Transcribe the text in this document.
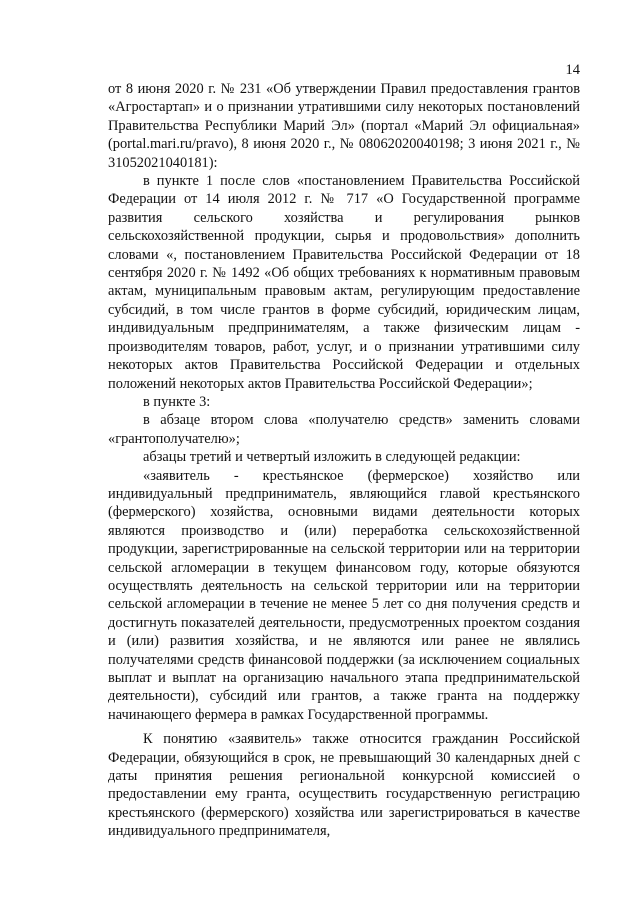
14

от 8 июня 2020 г. № 231 «Об утверждении Правил предоставления грантов «Агростартап» и о признании утратившими силу некоторых постановлений Правительства Республики Марий Эл» (портал «Марий Эл официальная» (portal.mari.ru/pravo), 8 июня 2020 г., № 08062020040198; 3 июня 2021 г., № 31052021040181):

в пункте 1 после слов «постановлением Правительства Российской Федерации от 14 июля 2012 г. № 717 «О Государственной программе развития сельского хозяйства и регулирования рынков сельскохозяйственной продукции, сырья и продовольствия» дополнить словами «, постановлением Правительства Российской Федерации от 18 сентября 2020 г. № 1492 «Об общих требованиях к нормативным правовым актам, муниципальным правовым актам, регулирующим предоставление субсидий, в том числе грантов в форме субсидий, юридическим лицам, индивидуальным предпринимателям, а также физическим лицам - производителям товаров, работ, услуг, и о признании утратившими силу некоторых актов Правительства Российской Федерации и отдельных положений некоторых актов Правительства Российской Федерации»;

в пункте 3:

в абзаце втором слова «получателю средств» заменить словами «грантополучателю»;

абзацы третий и четвертый изложить в следующей редакции:

«заявитель - крестьянское (фермерское) хозяйство или индивидуальный предприниматель, являющийся главой крестьянского (фермерского) хозяйства, основными видами деятельности которых являются производство и (или) переработка сельскохозяйственной продукции, зарегистрированные на сельской территории или на территории сельской агломерации в текущем финансовом году, которые обязуются осуществлять деятельность на сельской территории или на территории сельской агломерации в течение не менее 5 лет со дня получения средств и достигнуть показателей деятельности, предусмотренных проектом создания и (или) развития хозяйства, и не являются или ранее не являлись получателями средств финансовой поддержки (за исключением социальных выплат и выплат на организацию начального этапа предпринимательской деятельности), субсидий или грантов, а также гранта на поддержку начинающего фермера в рамках Государственной программы.

К понятию «заявитель» также относится гражданин Российской Федерации, обязующийся в срок, не превышающий 30 календарных дней с даты принятия решения региональной конкурсной комиссией о предоставлении ему гранта, осуществить государственную регистрацию крестьянского (фермерского) хозяйства или зарегистрироваться в качестве индивидуального предпринимателя,
